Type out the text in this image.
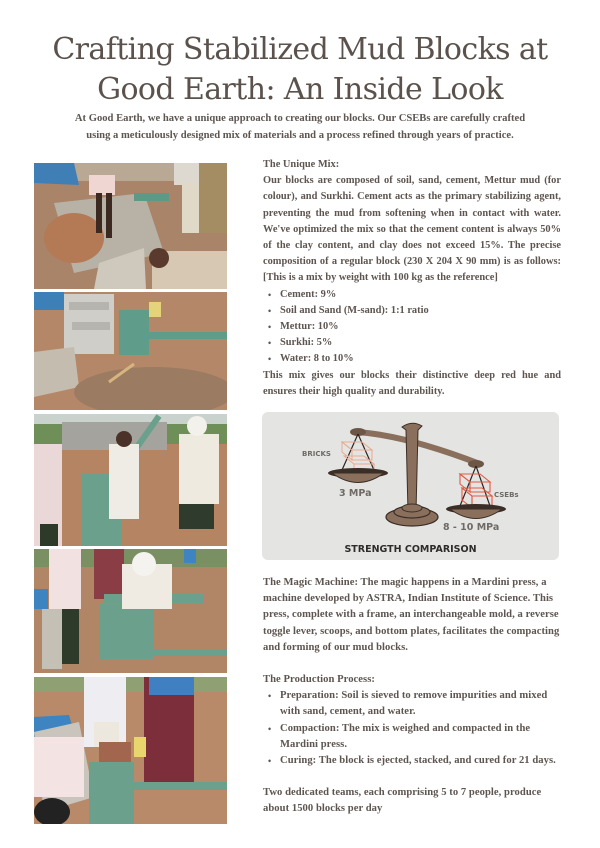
Crafting Stabilized Mud Blocks at
Good Earth: An Inside Look

At Good Earth, we have a unique approach to creating our blocks. Our CSEBs are carefully crafted using a meticulously designed mix of materials and a process refined through years of practice.

The Unique Mix:
Our blocks are composed of soil, sand, cement, Mettur mud (for colour), and Surkhi. Cement acts as the primary stabilizing agent, preventing the mud from softening when in contact with water. We've optimized the mix so that the cement content is always 50% of the clay content, and clay does not exceed 15%. The precise composition of a regular block (230 X 204 X 90 mm) is as follows: [This is a mix by weight with 100 kg as the reference]
• Cement: 9%
• Soil and Sand (M-sand): 1:1 ratio
• Mettur: 10%
• Surkhi: 5%
• Water: 8 to 10%
This mix gives our blocks their distinctive deep red hue and ensures their high quality and durability.
BRICKS
3 MPa	CSEBs
8 - 10 MPa
STRENGTH COMPARISON

The Magic Machine: The magic happens in a Mardini press, a machine developed by ASTRA, Indian Institute of Science. This press, complete with a frame, an interchangeable mold, a reverse toggle lever, scoops, and bottom plates, facilitates the compacting and forming of our mud blocks.

The Production Process:

• Preparation: Soil is sieved to remove impurities and mixed with sand, cement, and water.
• Compaction: The mix is weighed and compacted in the Mardini press.
• Curing: The block is ejected, stacked, and cured for 21 days.

Two dedicated teams, each comprising 5 to 7 people, produce about 1500 blocks per day
